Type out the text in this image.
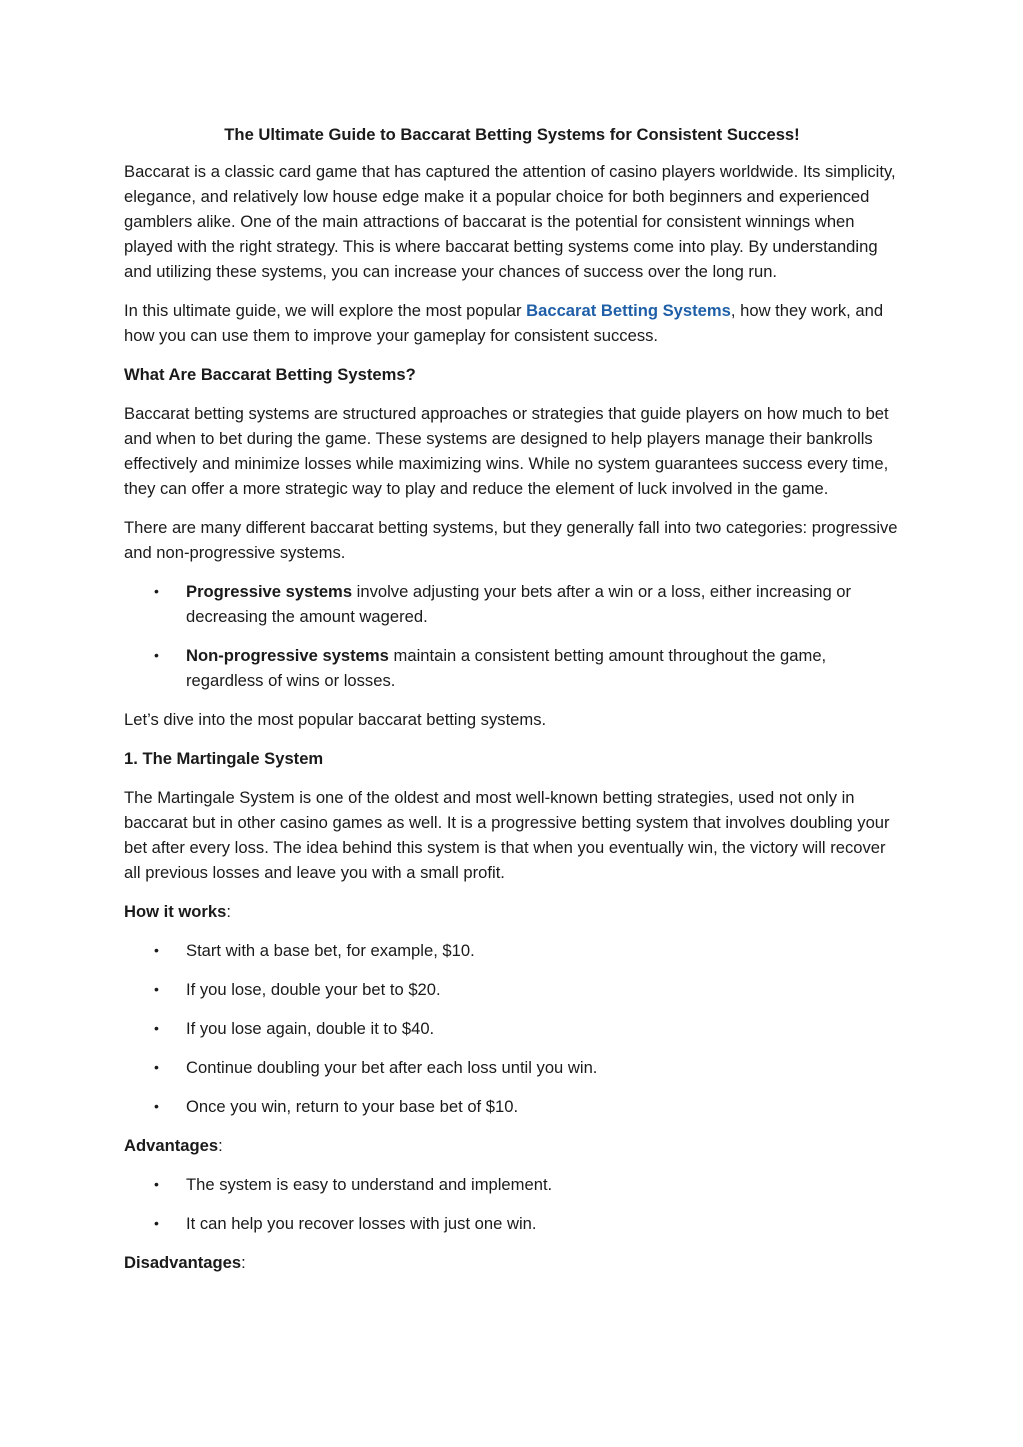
The Ultimate Guide to Baccarat Betting Systems for Consistent Success!

Baccarat is a classic card game that has captured the attention of casino players worldwide. Its simplicity, elegance, and relatively low house edge make it a popular choice for both beginners and experienced gamblers alike. One of the main attractions of baccarat is the potential for consistent winnings when played with the right strategy. This is where baccarat betting systems come into play. By understanding and utilizing these systems, you can increase your chances of success over the long run.

In this ultimate guide, we will explore the most popular Baccarat Betting Systems, how they work, and how you can use them to improve your gameplay for consistent success.

What Are Baccarat Betting Systems?

Baccarat betting systems are structured approaches or strategies that guide players on how much to bet and when to bet during the game. These systems are designed to help players manage their bankrolls effectively and minimize losses while maximizing wins. While no system guarantees success every time, they can offer a more strategic way to play and reduce the element of luck involved in the game.

There are many different baccarat betting systems, but they generally fall into two categories: progressive and non-progressive systems.

• Progressive systems involve adjusting your bets after a win or a loss, either increasing or decreasing the amount wagered.
• Non-progressive systems maintain a consistent betting amount throughout the game, regardless of wins or losses.

Let’s dive into the most popular baccarat betting systems.

1. The Martingale System

The Martingale System is one of the oldest and most well-known betting strategies, used not only in baccarat but in other casino games as well. It is a progressive betting system that involves doubling your bet after every loss. The idea behind this system is that when you eventually win, the victory will recover all previous losses and leave you with a small profit.

How it works:

• Start with a base bet, for example, $10.
• If you lose, double your bet to $20.
• If you lose again, double it to $40.
• Continue doubling your bet after each loss until you win.
• Once you win, return to your base bet of $10.

Advantages:

• The system is easy to understand and implement.
• It can help you recover losses with just one win.

Disadvantages:
